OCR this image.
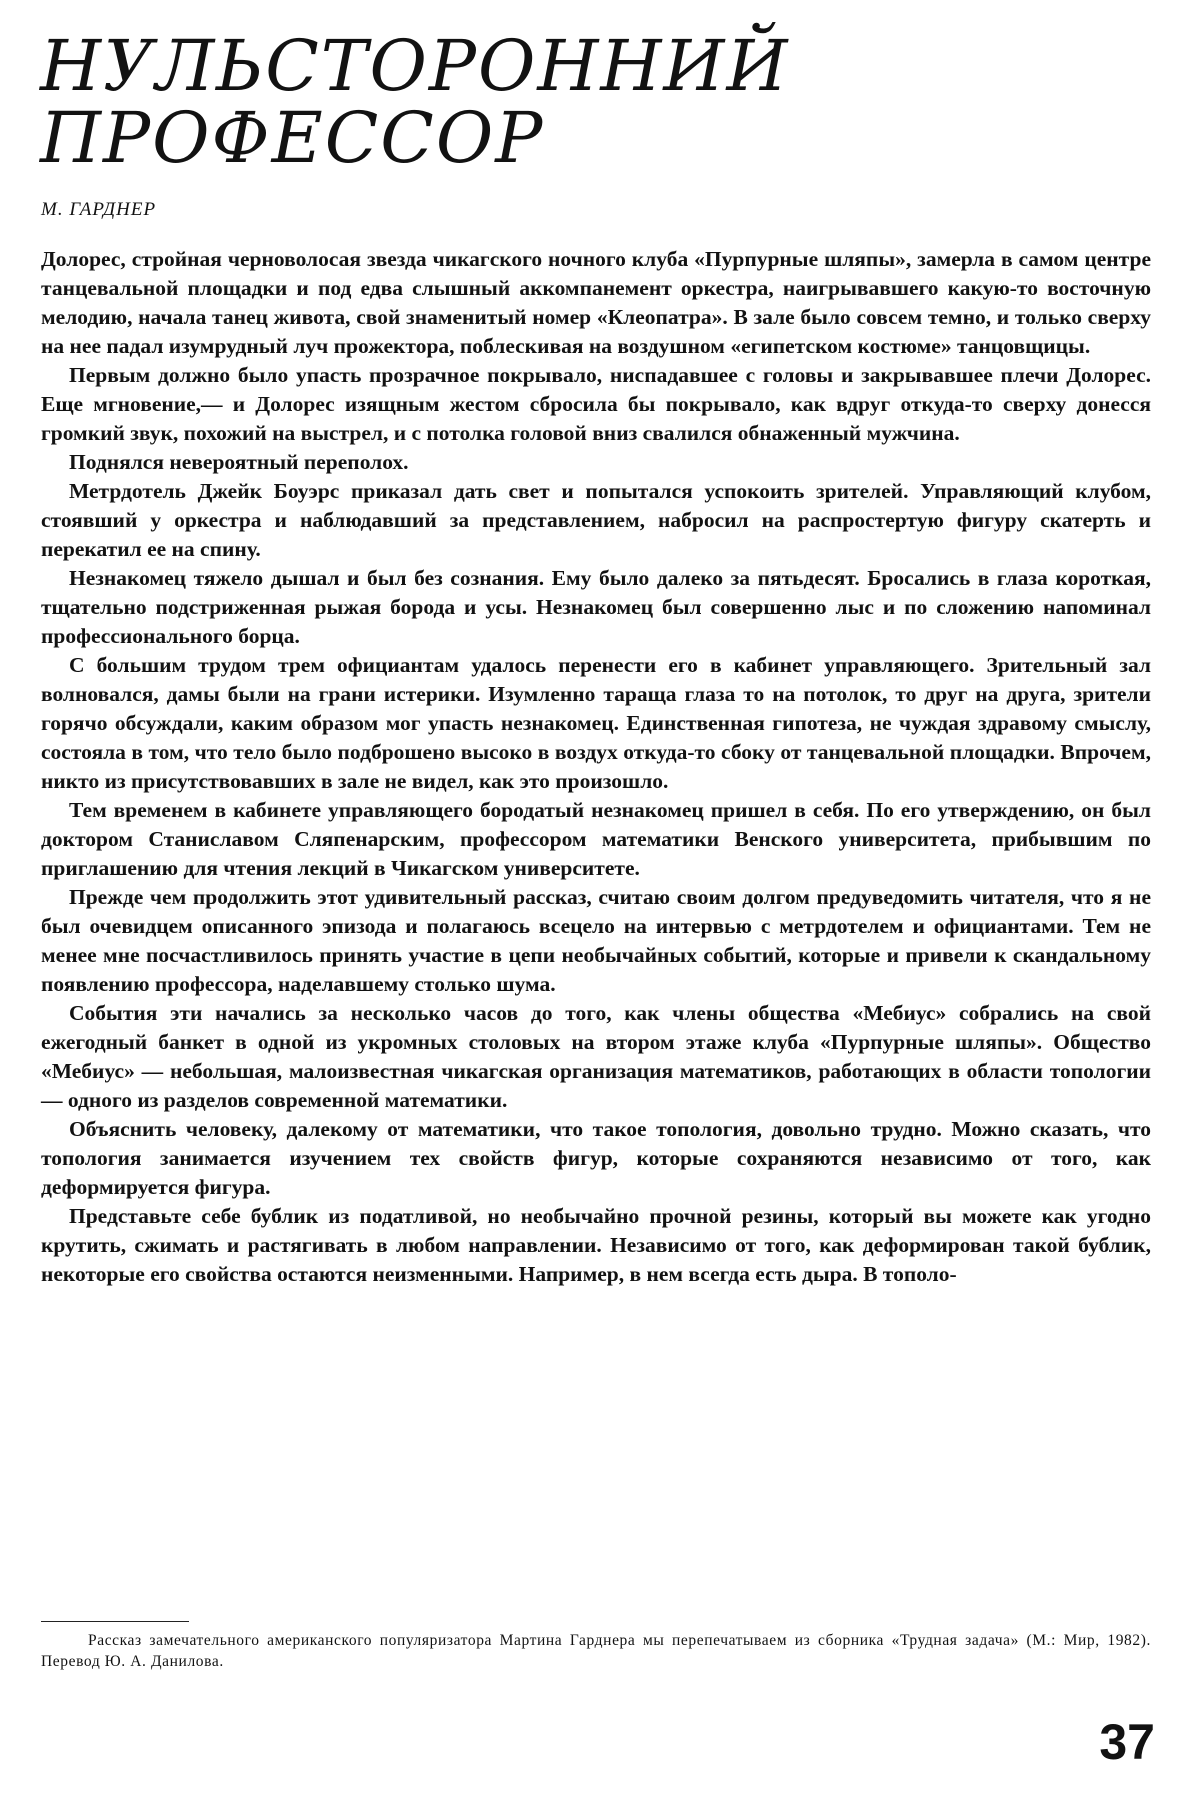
НУЛЬСТОРОННИЙ
ПРОФЕССОР
М. ГАРДНЕР

Долорес, стройная черноволосая звезда чикагского ночного клуба «Пурпурные шляпы», замерла в самом центре танцевальной площадки и под едва слышный аккомпанемент оркестра, наигрывавшего какую-то восточную мелодию, начала танец живота, свой знаменитый номер «Клеопатра». В зале было совсем темно, и только сверху на нее падал изумрудный луч прожектора, поблескивая на воздушном «египетском костюме» танцовщицы.

Первым должно было упасть прозрачное покрывало, ниспадавшее с головы и закрывавшее плечи Долорес. Еще мгновение,— и Долорес изящным жестом сбросила бы покрывало, как вдруг откуда-то сверху донесся громкий звук, похожий на выстрел, и с потолка головой вниз свалился обнаженный мужчина.

Поднялся невероятный переполох.

Метрдотель Джейк Боуэрс приказал дать свет и попытался успокоить зрителей. Управляющий клубом, стоявший у оркестра и наблюдавший за представлением, набросил на распростертую фигуру скатерть и перекатил ее на спину.

Незнакомец тяжело дышал и был без сознания. Ему было далеко за пятьдесят. Бросались в глаза короткая, тщательно подстриженная рыжая борода и усы. Незнакомец был совершенно лыс и по сложению напоминал профессионального борца.

С большим трудом трем официантам удалось перенести его в кабинет управляющего. Зрительный зал волновался, дамы были на грани истерики. Изумленно тараща глаза то на потолок, то друг на друга, зрители горячо обсуждали, каким образом мог упасть незнакомец. Единственная гипотеза, не чуждая здравому смыслу, состояла в том, что тело было подброшено высоко в воздух откуда-то сбоку от танцевальной площадки. Впрочем, никто из присутствовавших в зале не видел, как это произошло.

Тем временем в кабинете управляющего бородатый незнакомец пришел в себя. По его утверждению, он был доктором Станиславом Сляпенарским, профессором математики Венского университета, прибывшим по приглашению для чтения лекций в Чикагском университете.

Прежде чем продолжить этот удивительный рассказ, считаю своим долгом предуведомить читателя, что я не был очевидцем описанного эпизода и полагаюсь всецело на интервью с метрдотелем и официантами. Тем не менее мне посчастливилось принять участие в цепи необычайных событий, которые и привели к скандальному появлению профессора, наделавшему столько шума.

События эти начались за несколько часов до того, как члены общества «Мебиус» собрались на свой ежегодный банкет в одной из укромных столовых на втором этаже клуба «Пурпурные шляпы». Общество «Мебиус» — небольшая, малоизвестная чикагская организация математиков, работающих в области топологии — одного из разделов современной математики.

Объяснить человеку, далекому от математики, что такое топология, довольно трудно. Можно сказать, что топология занимается изучением тех свойств фигур, которые сохраняются независимо от того, как деформируется фигура.

Представьте себе бублик из податливой, но необычайно прочной резины, который вы можете как угодно крутить, сжимать и растягивать в любом направлении. Независимо от того, как деформирован такой бублик, некоторые его свойства остаются неизменными. Например, в нем всегда есть дыра. В тополо-

Рассказ замечательного американского популяризатора Мартина Гарднера мы перепечатываем из сборника «Трудная задача» (М.: Мир, 1982). Перевод Ю. А. Данилова.

37
